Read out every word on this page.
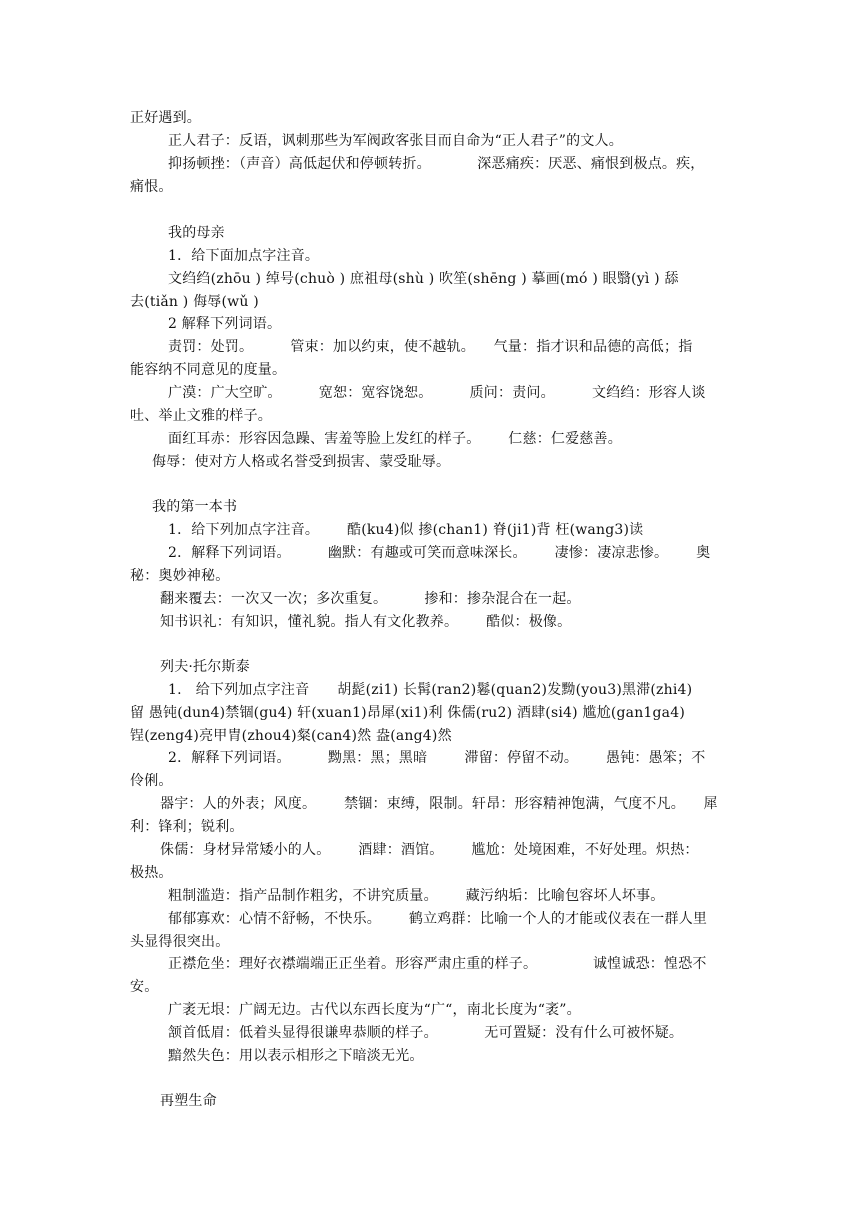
正好遇到。
正人君子：反语，讽刺那些为军阀政客张目而自命为“正人君子”的文人。
抑扬顿挫：（声音）高低起伏和停顿转折。          深恶痛疾：厌恶、痛恨到极点。疾，
痛恨。
我的母亲
1．给下面加点字注音。
文绉绉(zhōu ) 绰号(chuò ) 庶祖母(shù ) 吹笙(shēng ) 摹画(mó ) 眼翳(yì ) 舔
去(tiǎn ) 侮辱(wǔ )
2 解释下列词语。
责罚：处罚。        管束：加以约束，使不越轨。    气量：指才识和品德的高低；指
能容纳不同意见的度量。
广漠：广大空旷。        宽恕：宽容饶恕。        质问：责问。        文绉绉：形容人谈
吐、举止文雅的样子。
面红耳赤：形容因急躁、害羞等脸上发红的样子。      仁慈：仁爱慈善。
侮辱：使对方人格或名誉受到损害、蒙受耻辱。
我的第一本书
1．给下列加点字注音。      酷(ku4)似 掺(chan1) 脊(ji1)背 枉(wang3)读
2．解释下列词语。        幽默：有趣或可笑而意味深长。      凄惨：凄凉悲惨。      奥
秘：奥妙神秘。
翻来覆去：一次又一次；多次重复。        掺和：掺杂混合在一起。
知书识礼：有知识，懂礼貌。指人有文化教养。      酷似：极像。
列夫·托尔斯泰
1.   给下列加点字注音      胡髭(zi1) 长髯(ran2)鬈(quan2)发黝(you3)黑滞(zhi4)
留 愚钝(dun4)禁锢(gu4) 轩(xuan1)昂犀(xi1)利 侏儒(ru2) 酒肆(si4) 尴尬(gan1ga4)
锃(zeng4)亮甲胄(zhou4)粲(can4)然 盎(ang4)然
2．解释下列词语。        黝黑：黑；黑暗        滞留：停留不动。      愚钝：愚笨；不
伶俐。
器宇：人的外表；风度。      禁锢：束缚，限制。轩昂：形容精神饱满，气度不凡。    犀
利：锋利；锐利。
侏儒：身材异常矮小的人。      酒肆：酒馆。      尴尬：处境困难，不好处理。炽热：
极热。
粗制滥造：指产品制作粗劣，不讲究质量。      藏污纳垢：比喻包容坏人坏事。
郁郁寡欢：心情不舒畅，不快乐。      鹤立鸡群：比喻一个人的才能或仪表在一群人里
头显得很突出。
正襟危坐：理好衣襟端端正正坐着。形容严肃庄重的样子。            诚惶诚恐：惶恐不
安。
广袤无垠：广阔无边。古代以东西长度为“广“，南北长度为“袤”。
颔首低眉：低着头显得很谦卑恭顺的样子。          无可置疑：没有什么可被怀疑。
黯然失色：用以表示相形之下暗淡无光。
再塑生命
